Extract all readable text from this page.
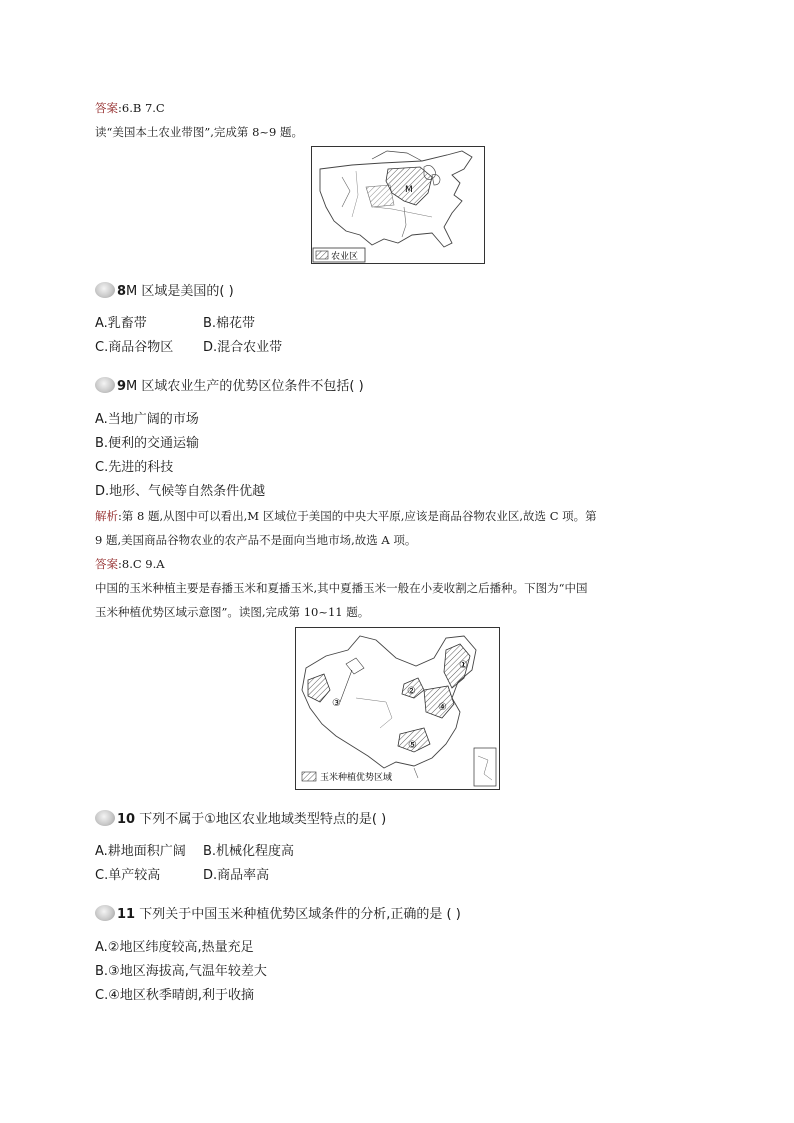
答案:6.B 7.C
读“美国本土农业带图”,完成第 8~9 题。
M
农业区
8M 区域是美国的( )
A.乳畜带	B.棉花带
C.商品谷物区 D.混合农业带
9M 区域农业生产的优势区位条件不包括( )
A.当地广阔的市场
B.便利的交通运输
C.先进的科技
D.地形、气候等自然条件优越
解析:第 8 题,从图中可以看出,M 区域位于美国的中央大平原,应该是商品谷物农业区,故选 C 项。第
9 题,美国商品谷物农业的农产品不是面向当地市场,故选 A 项。
答案:8.C 9.A
中国的玉米种植主要是春播玉米和夏播玉米,其中夏播玉米一般在小麦收割之后播种。下图为“中国
玉米种植优势区域示意图”。读图,完成第 10~11 题。
①
②
③	④
⑤
玉米种植优势区域
10 下列不属于①地区农业地域类型特点的是( )
A.耕地面积广阔 B.机械化程度高
C.单产较高	D.商品率高
11 下列关于中国玉米种植优势区域条件的分析,正确的是 ( )
A.②地区纬度较高,热量充足
B.③地区海拔高,气温年较差大
C.④地区秋季晴朗,利于收摘
